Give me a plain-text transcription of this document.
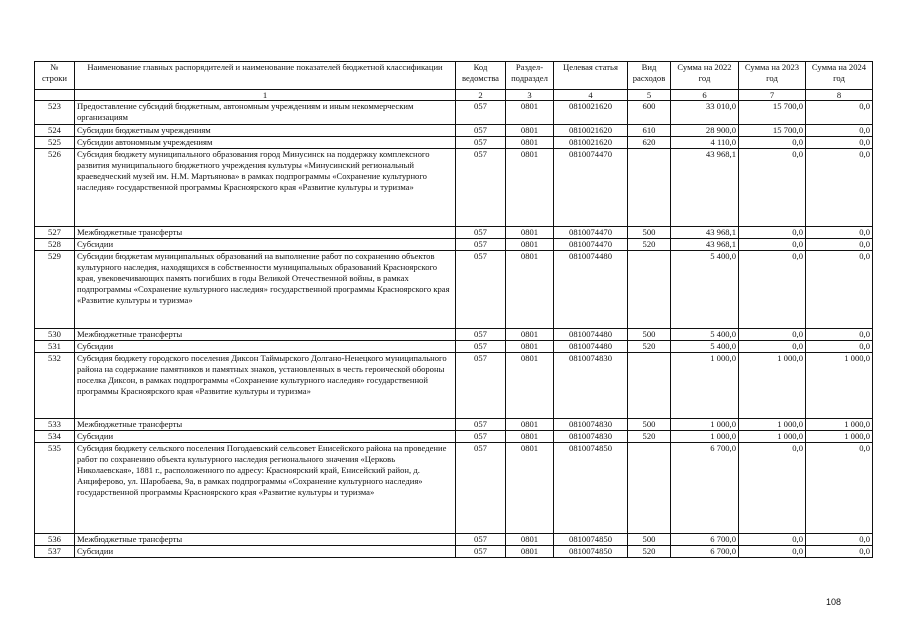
№ строки	Наименование главных распорядителей и наименование показателей бюджетной классификации	Код ведомства	Раздел-подраздел	Целевая статья	Вид расходов	Сумма на 2022 год	Сумма на 2023 год	Сумма на 2024 год
	1	2	3	4	5	6	7	8
523	Предоставление субсидий бюджетным, автономным учреждениям и иным некоммерческим организациям	057	0801	0810021620	600	33 010,0	15 700,0	0,0
524	Субсидии бюджетным учреждениям	057	0801	0810021620	610	28 900,0	15 700,0	0,0
525	Субсидии автономным учреждениям	057	0801	0810021620	620	4 110,0	0,0	0,0
526	Субсидия бюджету муниципального образования город Минусинск на поддержку комплексного развития муниципального бюджетного учреждения культуры «Минусинский региональный краеведческий музей им. Н.М. Мартьянова» в рамках подпрограммы «Сохранение культурного наследия» государственной программы Красноярского края «Развитие культуры и туризма»	057	0801	0810074470		43 968,1	0,0	0,0
527	Межбюджетные трансферты	057	0801	0810074470	500	43 968,1	0,0	0,0
528	Субсидии	057	0801	0810074470	520	43 968,1	0,0	0,0
529	Субсидии бюджетам муниципальных образований на выполнение работ по сохранению объектов культурного наследия, находящихся в собственности муниципальных образований Красноярского края, увековечивающих память погибших в годы Великой Отечественной войны, в рамках подпрограммы «Сохранение культурного наследия» государственной программы Красноярского края «Развитие культуры и туризма»	057	0801	0810074480		5 400,0	0,0	0,0
530	Межбюджетные трансферты	057	0801	0810074480	500	5 400,0	0,0	0,0
531	Субсидии	057	0801	0810074480	520	5 400,0	0,0	0,0
532	Субсидия бюджету городского поселения Диксон Таймырского Долгано-Ненецкого муниципального района на содержание памятников и памятных знаков, установленных в честь героической обороны поселка Диксон, в рамках подпрограммы «Сохранение культурного наследия» государственной программы Красноярского края «Развитие культуры и туризма»	057	0801	0810074830		1 000,0	1 000,0	1 000,0
533	Межбюджетные трансферты	057	0801	0810074830	500	1 000,0	1 000,0	1 000,0
534	Субсидии	057	0801	0810074830	520	1 000,0	1 000,0	1 000,0
535	Субсидия бюджету сельского поселения Погодаевский сельсовет Енисейского района на проведение работ по сохранению объекта культурного наследия регионального значения «Церковь Николаевская», 1881 г., расположенного по адресу: Красноярский край, Енисейский район, д. Анциферово, ул. Шаробаева, 9а, в рамках подпрограммы «Сохранение культурного наследия» государственной программы Красноярского края «Развитие культуры и туризма»	057	0801	0810074850		6 700,0	0,0	0,0
536	Межбюджетные трансферты	057	0801	0810074850	500	6 700,0	0,0	0,0
537	Субсидии	057	0801	0810074850	520	6 700,0	0,0	0,0
108
